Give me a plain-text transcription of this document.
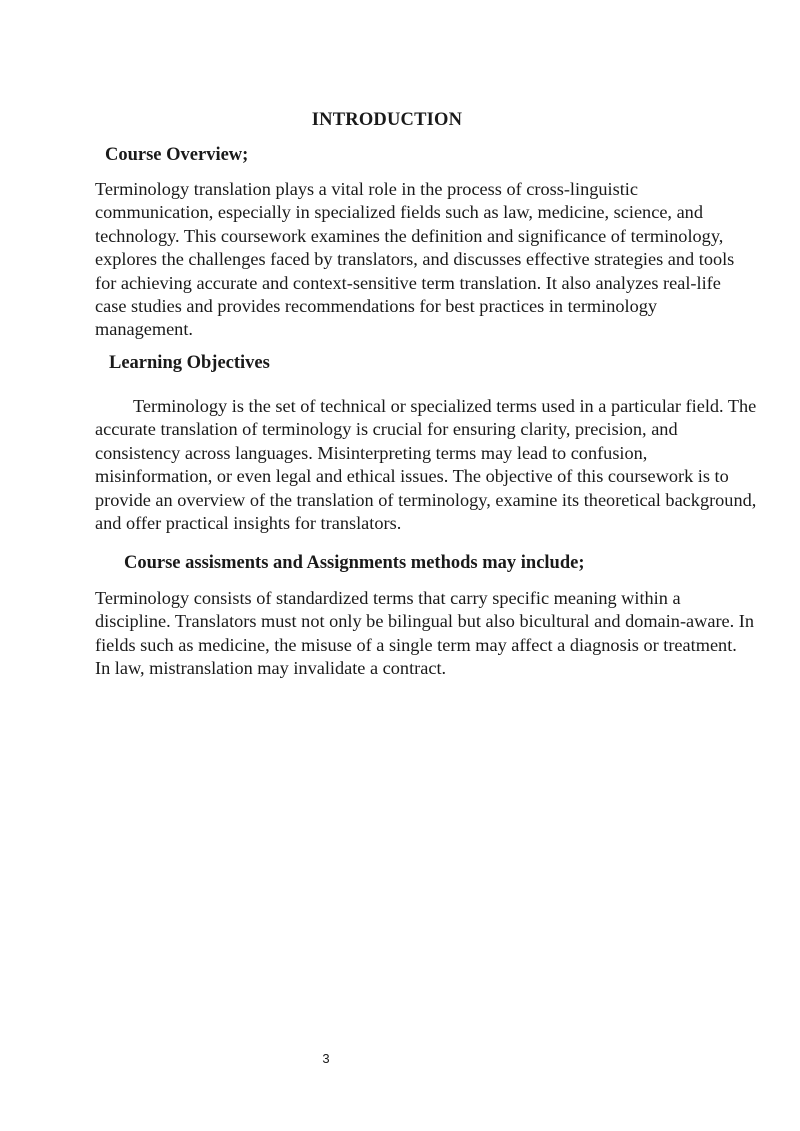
INTRODUCTION
Course Overview;

Terminology translation plays a vital role in the process of cross-linguistic communication, especially in specialized fields such as law, medicine, science, and technology. This coursework examines the definition and significance of terminology, explores the challenges faced by translators, and discusses effective strategies and tools for achieving accurate and context-sensitive term translation. It also analyzes real-life case studies and provides recommendations for best practices in terminology management.

Learning Objectives

Terminology is the set of technical or specialized terms used in a particular field. The accurate translation of terminology is crucial for ensuring clarity, precision, and consistency across languages. Misinterpreting terms may lead to confusion, misinformation, or even legal and ethical issues. The objective of this coursework is to provide an overview of the translation of terminology, examine its theoretical background, and offer practical insights for translators.

Course assisments and Assignments methods may include;

Terminology consists of standardized terms that carry specific meaning within a discipline. Translators must not only be bilingual but also bicultural and domain-aware. In fields such as medicine, the misuse of a single term may affect a diagnosis or treatment. In law, mistranslation may invalidate a contract.

3
